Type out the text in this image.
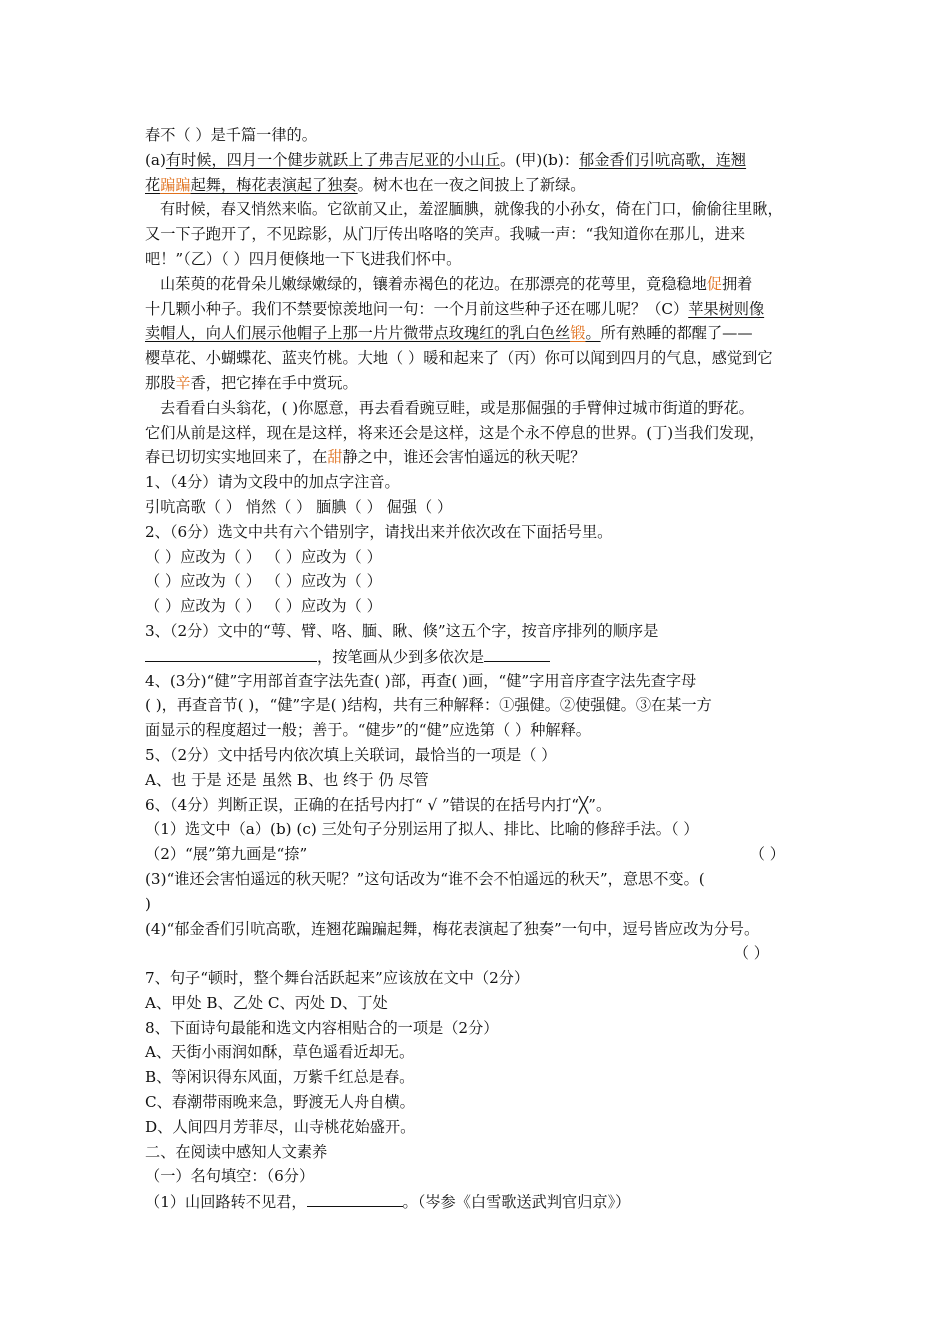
春不（ ）是千篇一律的。
(a)有时候，四月一个健步就跃上了弗吉尼亚的小山丘。(甲)(b)：郁金香们引吭高歌，连翘
花蹁蹁起舞，梅花表演起了独奏。树木也在一夜之间披上了新绿。
有时候，春又悄然来临。它欲前又止，羞涩腼腆，就像我的小孙女，倚在门口，偷偷往里瞅，
又一下子跑开了，不见踪影，从门厅传出咯咯的笑声。我喊一声：“我知道你在那儿，进来
吧！”（乙）（ ）四月便倏地一下飞进我们怀中。
山茱萸的花骨朵儿嫩绿嫩绿的，镶着赤褐色的花边。在那漂亮的花萼里，竟稳稳地促拥着
十几颗小种子。我们不禁要惊羡地问一句：一个月前这些种子还在哪儿呢？（C）苹果树则像
卖帽人，向人们展示他帽子上那一片片微带点玫瑰红的乳白色丝锻。所有熟睡的都醒了——
樱草花、小蝴蝶花、蓝夹竹桃。大地（ ）暖和起来了（丙）你可以闻到四月的气息，感觉到它
那股辛香，把它捧在手中赏玩。
去看看白头翁花，( )你愿意，再去看看豌豆畦，或是那倔强的手臂伸过城市街道的野花。
它们从前是这样，现在是这样，将来还会是这样，这是个永不停息的世界。(丁)当我们发现，
春已切切实实地回来了，在甜静之中，谁还会害怕遥远的秋天呢？
1、（4分）请为文段中的加点字注音。
引吭高歌（ ） 悄然（ ） 腼腆（ ） 倔强（ ）
2、（6分）选文中共有六个错别字，请找出来并依次改在下面括号里。
（ ）应改为（ ） （ ）应改为（ ）
（ ）应改为（ ） （ ）应改为（ ）
（ ）应改为（ ） （ ）应改为（ ）
3、（2分）文中的“萼、臂、咯、腼、瞅、倏”这五个字，按音序排列的顺序是
，按笔画从少到多依次是
4、(3分)“健”字用部首查字法先查( )部，再查( )画，“健”字用音序查字法先查字母
( )，再查音节( )，“健”字是( )结构，共有三种解释：①强健。②使强健。③在某一方
面显示的程度超过一般；善于。“健步”的“健”应选第（ ）种解释。
5、（2分）文中括号内依次填上关联词，最恰当的一项是（ ）
A、也 于是 还是 虽然 B、也 终于 仍 尽管
6、（4分）判断正误，正确的在括号内打“ √ ”错误的在括号内打“╳”。
（1）选文中（a）(b) (c) 三处句子分别运用了拟人、排比、比喻的修辞手法。（ ）
（2）“展”第九画是“捺”	（ ）
(3)“谁还会害怕遥远的秋天呢？”这句话改为“谁不会不怕遥远的秋天”，意思不变。(
)
(4)“郁金香们引吭高歌，连翘花蹁蹁起舞，梅花表演起了独奏”一句中，逗号皆应改为分号。
（ ）
7、句子“顿时，整个舞台活跃起来”应该放在文中（2分）
A、甲处 B、乙处 C、丙处 D、丁处
8、下面诗句最能和选文内容相贴合的一项是（2分）
A、天街小雨润如酥，草色遥看近却无。
B、等闲识得东风面，万紫千红总是春。
C、春潮带雨晚来急，野渡无人舟自横。
D、人间四月芳菲尽，山寺桃花始盛开。
二、在阅读中感知人文素养
（一）名句填空：（6分）
（1）山回路转不见君，	。（岑参《白雪歌送武判官归京》）
